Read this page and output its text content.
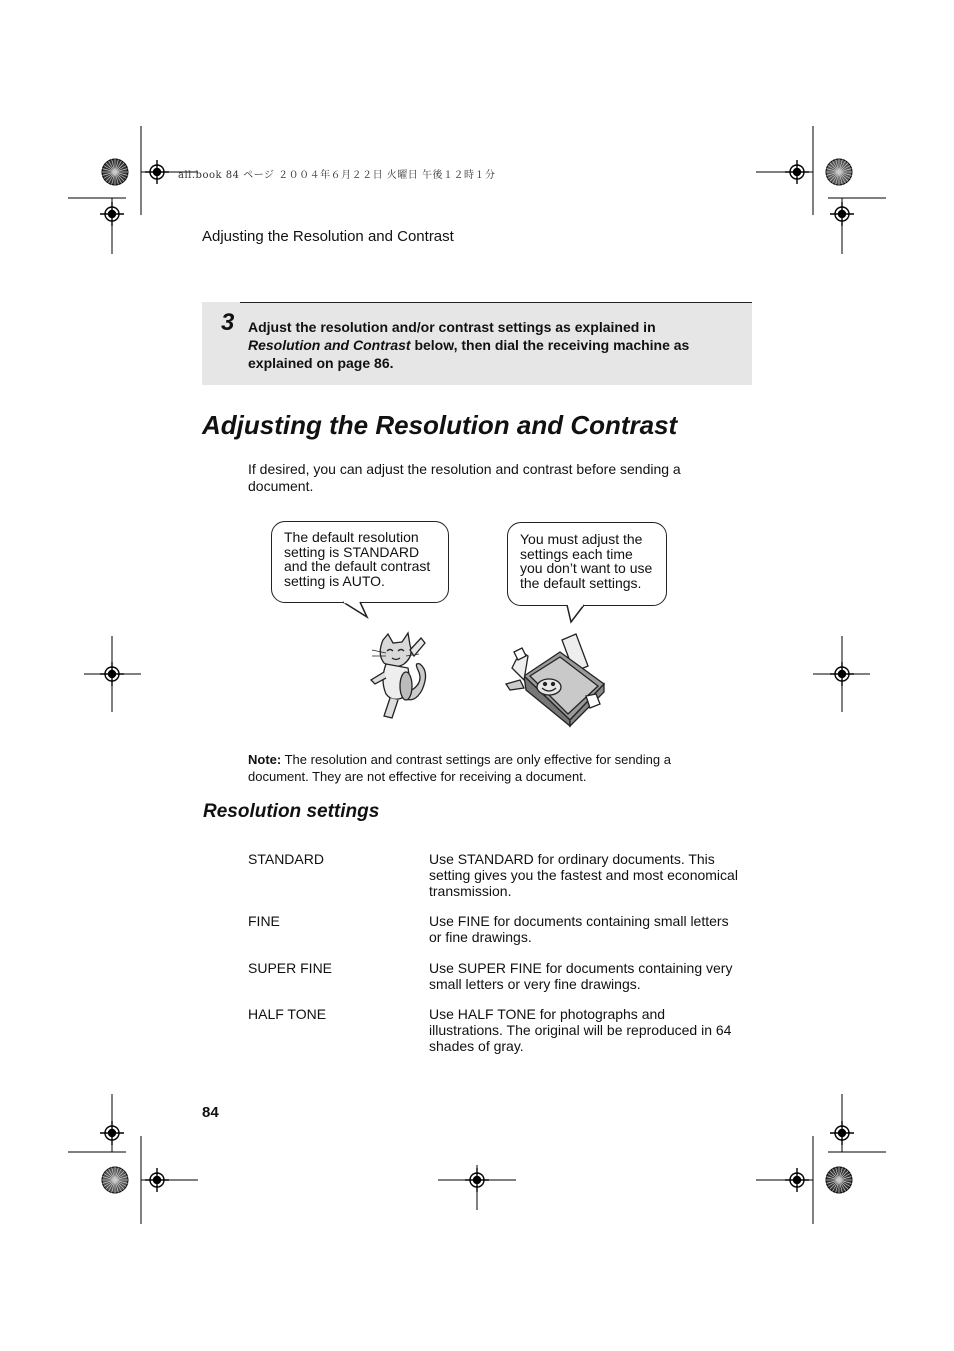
all.book 84 ページ ２００４年６月２２日 火曜日 午後１２時１分
Adjusting the Resolution and Contrast
3 Adjust the resolution and/or contrast settings as explained in
Resolution and Contrast below, then dial the receiving machine as explained on page 86.
Adjusting the Resolution and Contrast
If desired, you can adjust the resolution and contrast before sending a document.
The default resolution
setting is STANDARD
and the default contrast
setting is AUTO.
You must adjust the
settings each time
you don’t want to use
the default settings.
Note: The resolution and contrast settings are only effective for sending a document. They are not effective for receiving a document.
Resolution settings
STANDARD	Use STANDARD for ordinary documents. This setting gives you the fastest and most economical transmission.
FINE	Use FINE for documents containing small letters or fine drawings.
SUPER FINE	Use SUPER FINE for documents containing very small letters or very fine drawings.
HALF TONE	Use HALF TONE for photographs and illustrations. The original will be reproduced in 64 shades of gray.
84
